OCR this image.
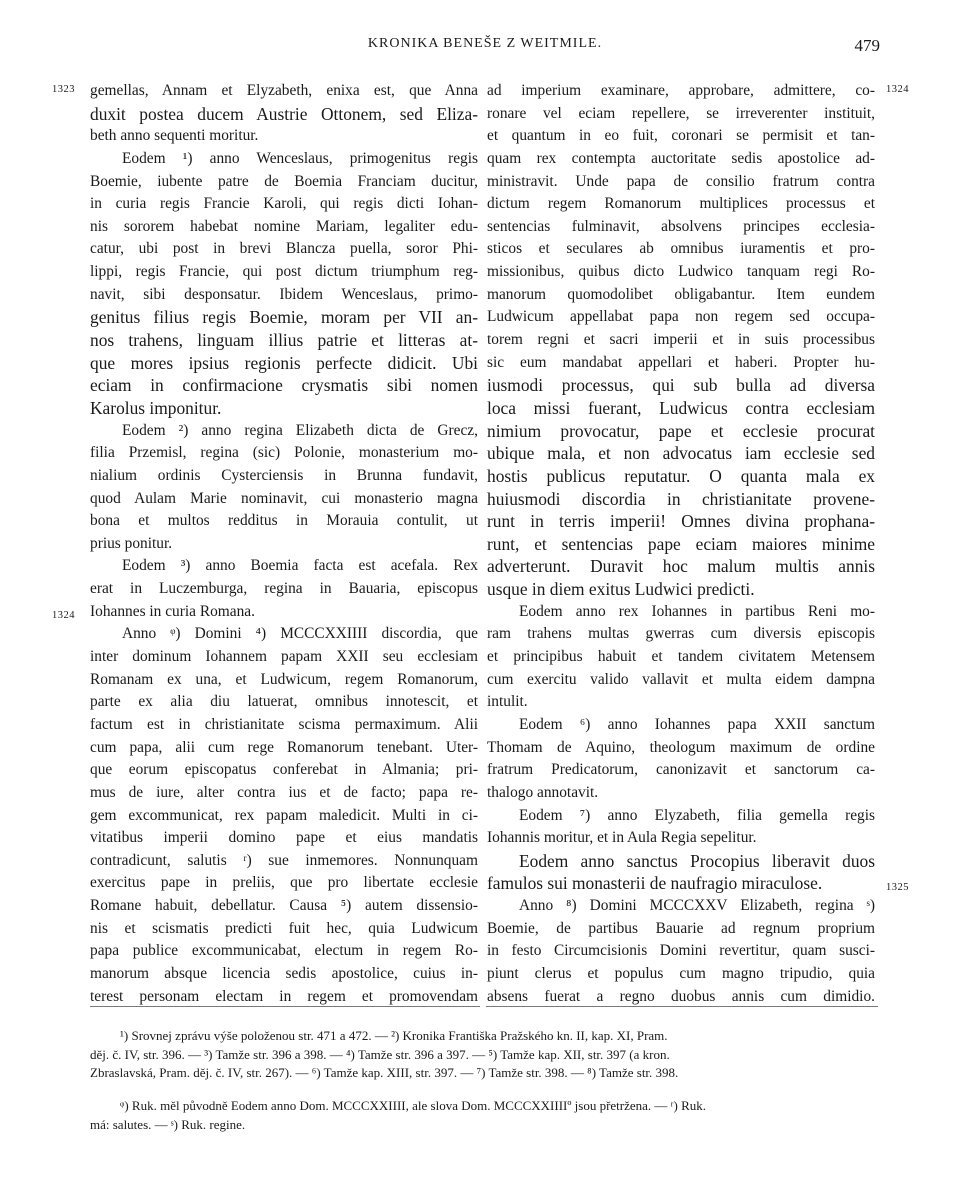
KRONIKA BENEŠE Z WEITMILE.	479
1323
1324
1324
1325
gemellas, Annam et Elyzabeth, enixa est, que Anna
duxit postea ducem Austrie Ottonem, sed Eliza-
beth anno sequenti moritur.
Eodem ¹) anno Wenceslaus, primogenitus regis
Boemie, iubente patre de Boemia Franciam ducitur,
in curia regis Francie Karoli, qui regis dicti Iohan-
nis sororem habebat nomine Mariam, legaliter edu-
catur, ubi post in brevi Blancza puella, soror Phi-
lippi, regis Francie, qui post dictum triumphum reg-
navit, sibi desponsatur. Ibidem Wenceslaus, primo-
genitus filius regis Boemie, moram per VII an-
nos trahens, linguam illius patrie et litteras at-
que mores ipsius regionis perfecte didicit. Ubi
eciam in confirmacione crysmatis sibi nomen
Karolus imponitur.
Eodem ²) anno regina Elizabeth dicta de Grecz,
filia Przemisl, regina (sic) Polonie, monasterium mo-
nialium ordinis Cysterciensis in Brunna fundavit,
quod Aulam Marie nominavit, cui monasterio magna
bona et multos redditus in Morauia contulit, ut
prius ponitur.
Eodem ³) anno Boemia facta est acefala. Rex
erat in Luczemburga, regina in Bauaria, episcopus
Iohannes in curia Romana.
Anno ᵠ) Domini ⁴) MCCCXXIIII discordia, que
inter dominum Iohannem papam XXII seu ecclesiam
Romanam ex una, et Ludwicum, regem Romanorum,
parte ex alia diu latuerat, omnibus innotescit, et
factum est in christianitate scisma permaximum. Alii
cum papa, alii cum rege Romanorum tenebant. Uter-
que eorum episcopatus conferebat in Almania; pri-
mus de iure, alter contra ius et de facto; papa re-
gem excommunicat, rex papam maledicit. Multi in ci-
vitatibus imperii domino pape et eius mandatis
contradicunt, salutis ʳ) sue inmemores. Nonnunquam
exercitus pape in preliis, que pro libertate ecclesie
Romane habuit, debellatur. Causa ⁵) autem dissensio-
nis et scismatis predicti fuit hec, quia Ludwicum
papa publice excommunicabat, electum in regem Ro-
manorum absque licencia sedis apostolice, cuius in-
terest personam electam in regem et promovendam
ad imperium examinare, approbare, admittere, co-
ronare vel eciam repellere, se irreverenter instituit,
et quantum in eo fuit, coronari se permisit et tan-
quam rex contempta auctoritate sedis apostolice ad-
ministravit. Unde papa de consilio fratrum contra
dictum regem Romanorum multiplices processus et
sentencias fulminavit, absolvens principes ecclesia-
sticos et seculares ab omnibus iuramentis et pro-
missionibus, quibus dicto Ludwico tanquam regi Ro-
manorum quomodolibet obligabantur. Item eundem
Ludwicum appellabat papa non regem sed occupa-
torem regni et sacri imperii et in suis processibus
sic eum mandabat appellari et haberi. Propter hu-
iusmodi processus, qui sub bulla ad diversa
loca missi fuerant, Ludwicus contra ecclesiam
nimium provocatur, pape et ecclesie procurat
ubique mala, et non advocatus iam ecclesie sed
hostis publicus reputatur. O quanta mala ex
huiusmodi discordia in christianitate provene-
runt in terris imperii! Omnes divina prophana-
runt, et sentencias pape eciam maiores minime
adverterunt. Duravit hoc malum multis annis
usque in diem exitus Ludwici predicti.
Eodem anno rex Iohannes in partibus Reni mo-
ram trahens multas gwerras cum diversis episcopis
et principibus habuit et tandem civitatem Metensem
cum exercitu valido vallavit et multa eidem dampna
intulit.
Eodem ⁶) anno Iohannes papa XXII sanctum
Thomam de Aquino, theologum maximum de ordine
fratrum Predicatorum, canonizavit et sanctorum ca-
thalogo annotavit.
Eodem ⁷) anno Elyzabeth, filia gemella regis
Iohannis moritur, et in Aula Regia sepelitur.
Eodem anno sanctus Procopius liberavit duos
famulos sui monasterii de naufragio miraculose.
Anno ⁸) Domini MCCCXXV Elizabeth, regina ˢ)
Boemie, de partibus Bauarie ad regnum proprium
in festo Circumcisionis Domini revertitur, quam susci-
piunt clerus et populus cum magno tripudio, quia
absens fuerat a regno duobus annis cum dimidio.
¹) Srovnej zprávu výše položenou str. 471 a 472. — ²) Kronika Františka Pražského kn. II, kap. XI, Pram.
děj. č. IV, str. 396. — ³) Tamže str. 396 a 398. — ⁴) Tamže str. 396 a 397. — ⁵) Tamže kap. XII, str. 397 (a kron.
Zbraslavská, Pram. děj. č. IV, str. 267). — ⁶) Tamže kap. XIII, str. 397. — ⁷) Tamže str. 398. — ⁸) Tamže str. 398.
ᵠ) Ruk. měl původně Eodem anno Dom. MCCCXXIIII, ale slova Dom. MCCCXXIIIIº jsou přetržena. — ʳ) Ruk.
má: salutes. — ˢ) Ruk. regine.
